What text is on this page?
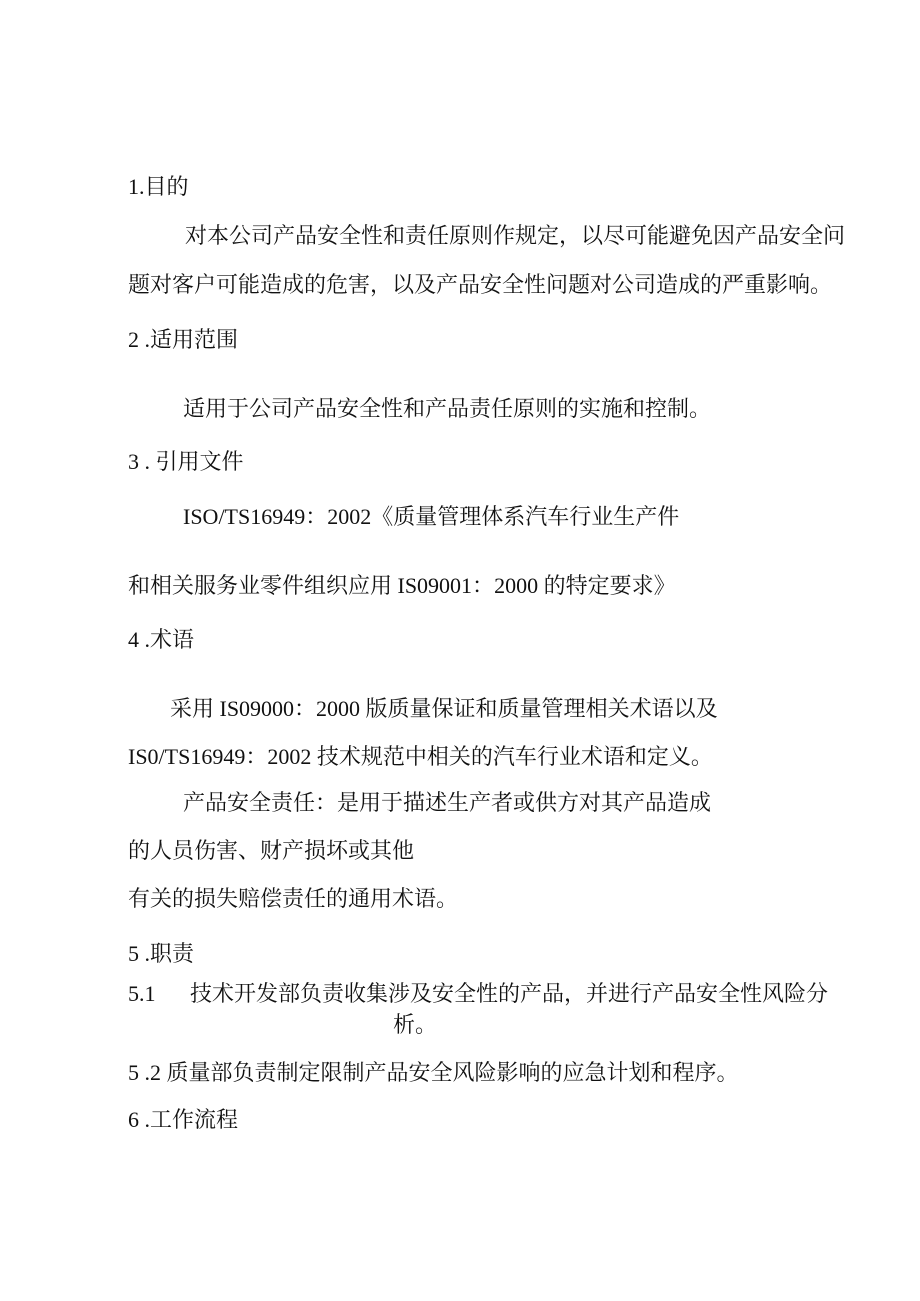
1.目的
对本公司产品安全性和责任原则作规定，以尽可能避免因产品安全问
题对客户可能造成的危害，以及产品安全性问题对公司造成的严重影响。
2 .适用范围
适用于公司产品安全性和产品责任原则的实施和控制。
3 . 引用文件
ISO/TS16949：2002《质量管理体系汽车行业生产件
和相关服务业零件组织应用 IS09001：2000 的特定要求》
4 .术语
采用 IS09000：2000 版质量保证和质量管理相关术语以及
IS0/TS16949：2002 技术规范中相关的汽车行业术语和定义。
产品安全责任：是用于描述生产者或供方对其产品造成
的人员伤害、财产损坏或其他
有关的损失赔偿责任的通用术语。
5 .职责
5.1 技术开发部负责收集涉及安全性的产品，并进行产品安全性风险分
析。
5 .2 质量部负责制定限制产品安全风险影响的应急计划和程序。
6 .工作流程
